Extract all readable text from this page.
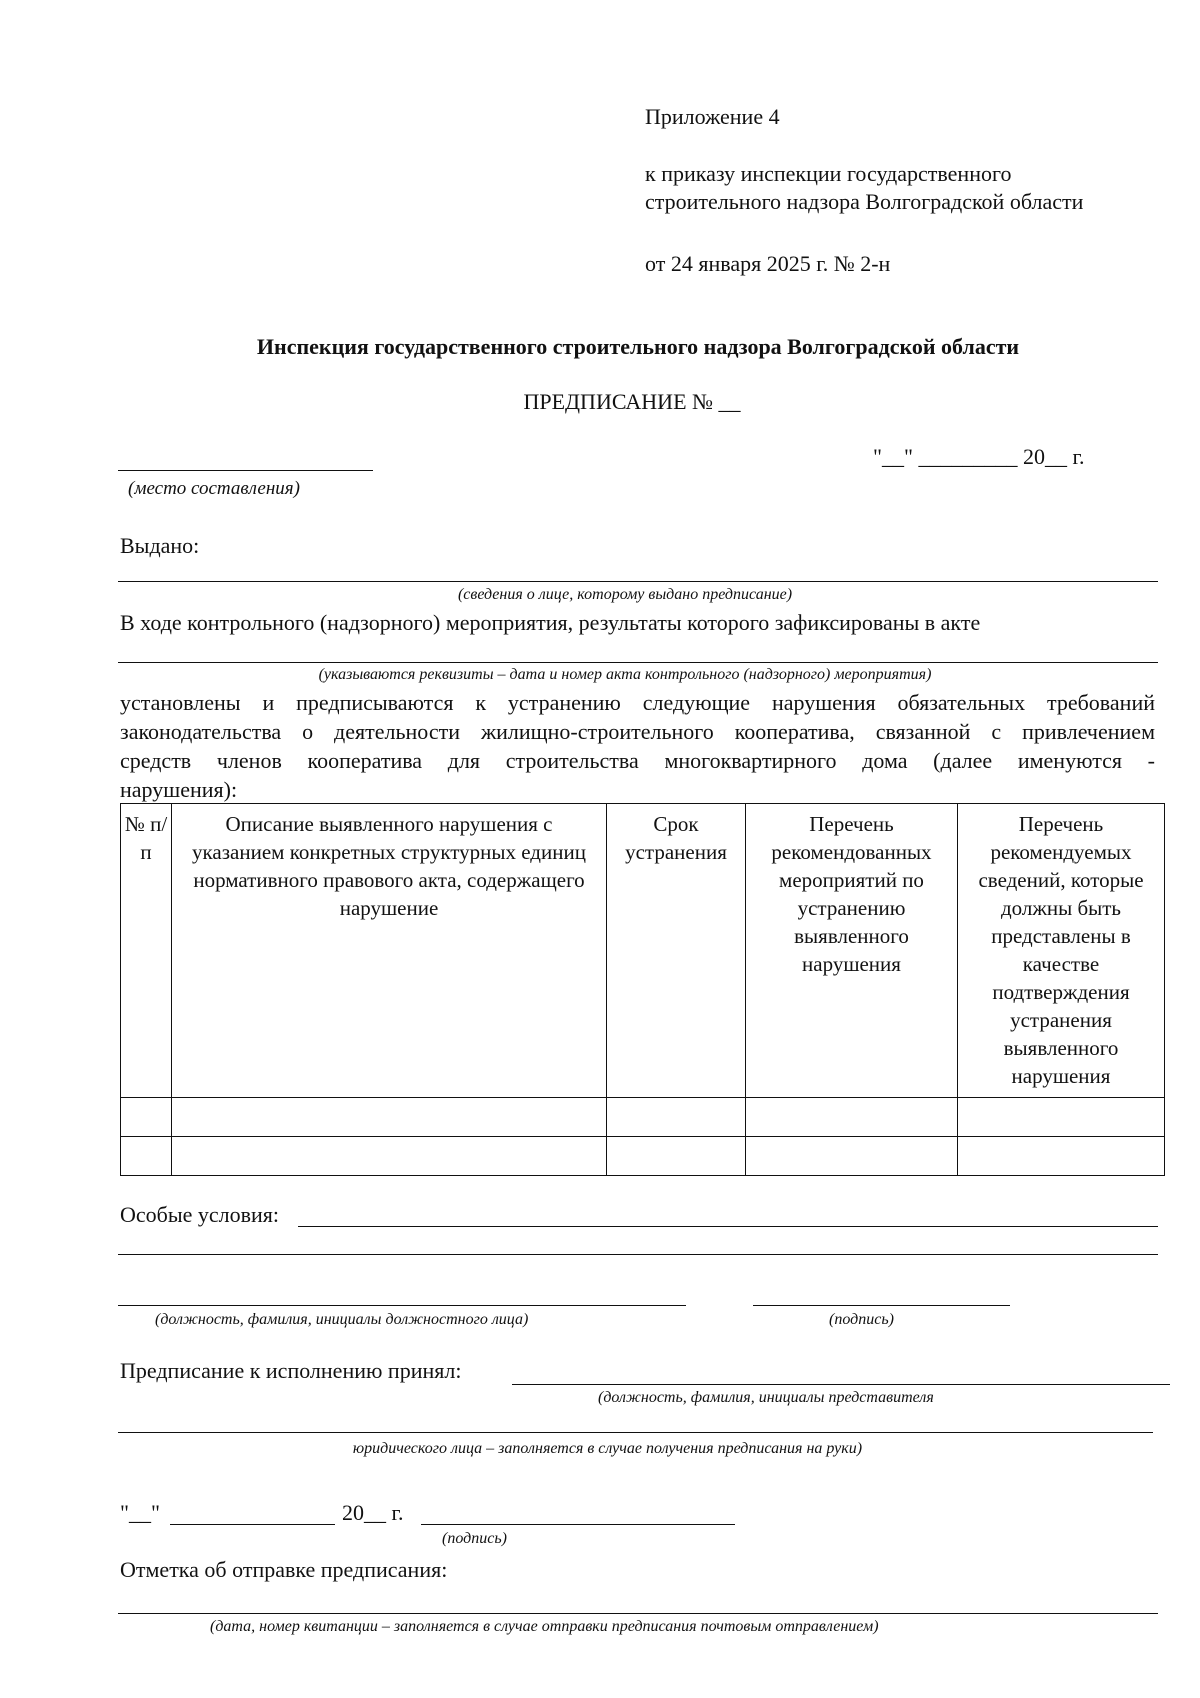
Приложение 4
к приказу инспекции государственного
строительного надзора Волгоградской области
от 24 января 2025 г. № 2-н
Инспекция государственного строительного надзора Волгоградской области
ПРЕДПИСАНИЕ № __
(место составления)
"__" _________ 20__ г.
Выдано:
(сведения о лице, которому выдано предписание)
В ходе контрольного (надзорного) мероприятия, результаты которого зафиксированы в акте
(указываются реквизиты – дата и номер акта контрольного (надзорного) мероприятия)
установлены и предписываются к устранению следующие нарушения обязательных требований
законодательства о деятельности жилищно-строительного кооператива, связанной с привлечением
средств членов кооператива для строительства многоквартирного дома (далее именуются -
нарушения):
№ п/п	Описание выявленного нарушения с указанием конкретных структурных единиц нормативного правового акта, содержащего нарушение	Срок устранения	Перечень рекомендованных мероприятий по устранению выявленного нарушения	Перечень рекомендуемых сведений, которые должны быть представлены в качестве подтверждения устранения выявленного нарушения

Особые условия:
(должность, фамилия, инициалы должностного лица)	(подпись)
Предписание к исполнению принял:
(должность, фамилия, инициалы представителя
юридического лица – заполняется в случае получения предписания на руки)
"__"	20__ г.
(подпись)
Отметка об отправке предписания:
(дата, номер квитанции – заполняется в случае отправки предписания почтовым отправлением)
